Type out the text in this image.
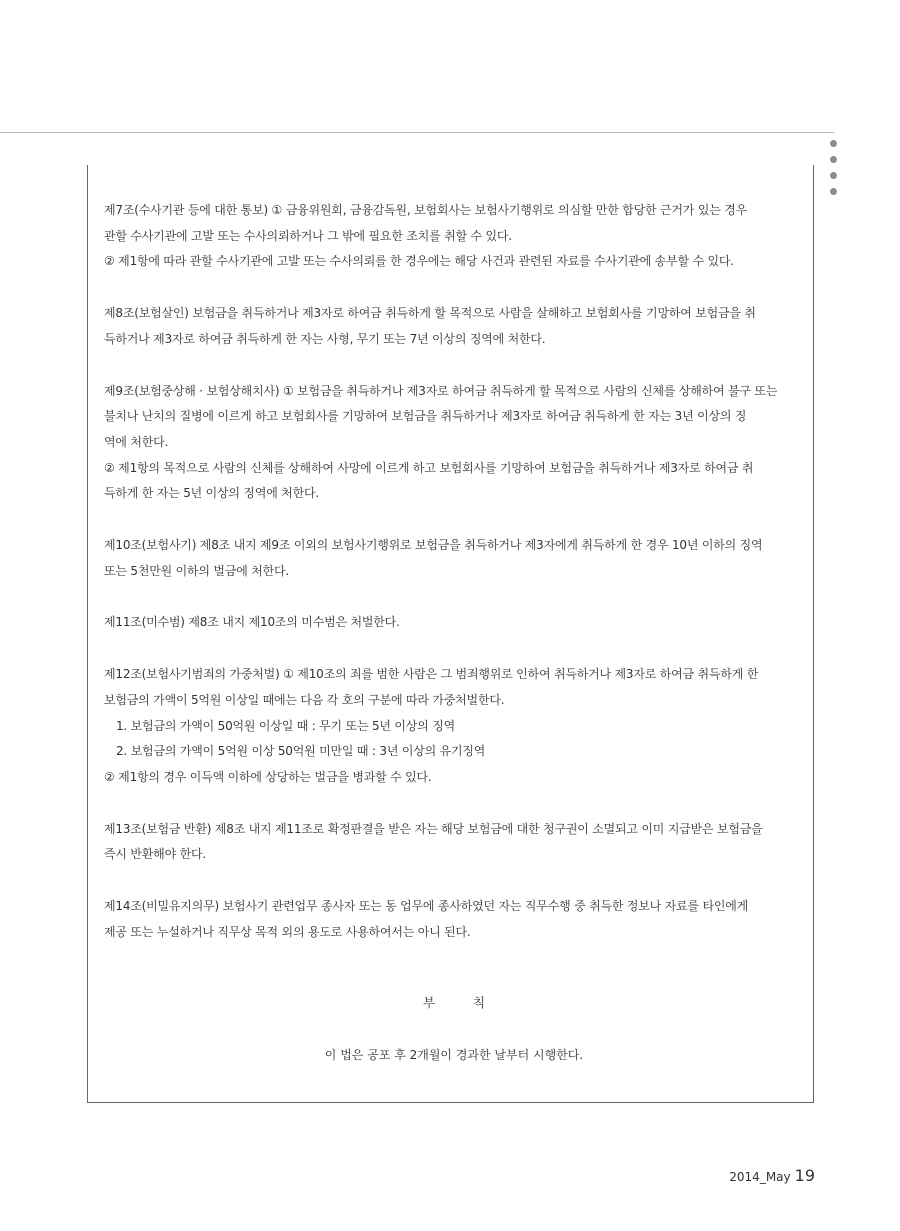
제7조(수사기관 등에 대한 통보) ① 금융위원회, 금융감독원, 보험회사는 보험사기행위로 의심할 만한 합당한 근거가 있는 경우
관할 수사기관에 고발 또는 수사의뢰하거나 그 밖에 필요한 조치를 취할 수 있다.
② 제1항에 따라 관할 수사기관에 고발 또는 수사의뢰를 한 경우에는 해당 사건과 관련된 자료를 수사기관에 송부할 수 있다.

제8조(보험살인) 보험금을 취득하거나 제3자로 하여금 취득하게 할 목적으로 사람을 살해하고 보험회사를 기망하여 보험금을 취
득하거나 제3자로 하여금 취득하게 한 자는 사형, 무기 또는 7년 이상의 징역에 처한다.

제9조(보험중상해 · 보험상해치사) ① 보험금을 취득하거나 제3자로 하여금 취득하게 할 목적으로 사람의 신체를 상해하여 불구 또는
불치나 난치의 질병에 이르게 하고 보험회사를 기망하여 보험금을 취득하거나 제3자로 하여금 취득하게 한 자는 3년 이상의 징
역에 처한다.
② 제1항의 목적으로 사람의 신체를 상해하여 사망에 이르게 하고 보험회사를 기망하여 보험금을 취득하거나 제3자로 하여금 취
득하게 한 자는 5년 이상의 징역에 처한다.

제10조(보험사기) 제8조 내지 제9조 이외의 보험사기행위로 보험금을 취득하거나 제3자에게 취득하게 한 경우 10년 이하의 징역
또는 5천만원 이하의 벌금에 처한다.

제11조(미수범) 제8조 내지 제10조의 미수범은 처벌한다.

제12조(보험사기범죄의 가중처벌) ① 제10조의 죄를 범한 사람은 그 범죄행위로 인하여 취득하거나 제3자로 하여금 취득하게 한
보험금의 가액이 5억원 이상일 때에는 다음 각 호의 구분에 따라 가중처벌한다.
1. 보험금의 가액이 50억원 이상일 때 : 무기 또는 5년 이상의 징역
2. 보험금의 가액이 5억원 이상 50억원 미만일 때 : 3년 이상의 유기징역
② 제1항의 경우 이득액 이하에 상당하는 벌금을 병과할 수 있다.

제13조(보험금 반환) 제8조 내지 제11조로 확정판결을 받은 자는 해당 보험금에 대한 청구권이 소멸되고 이미 지급받은 보험금을
즉시 반환해야 한다.

제14조(비밀유지의무) 보험사기 관련업무 종사자 또는 동 업무에 종사하였던 자는 직무수행 중 취득한 정보나 자료를 타인에게
제공 또는 누설하거나 직무상 목적 외의 용도로 사용하여서는 아니 된다.

부 칙
이 법은 공포 후 2개월이 경과한 날부터 시행한다.
2014_May 19
